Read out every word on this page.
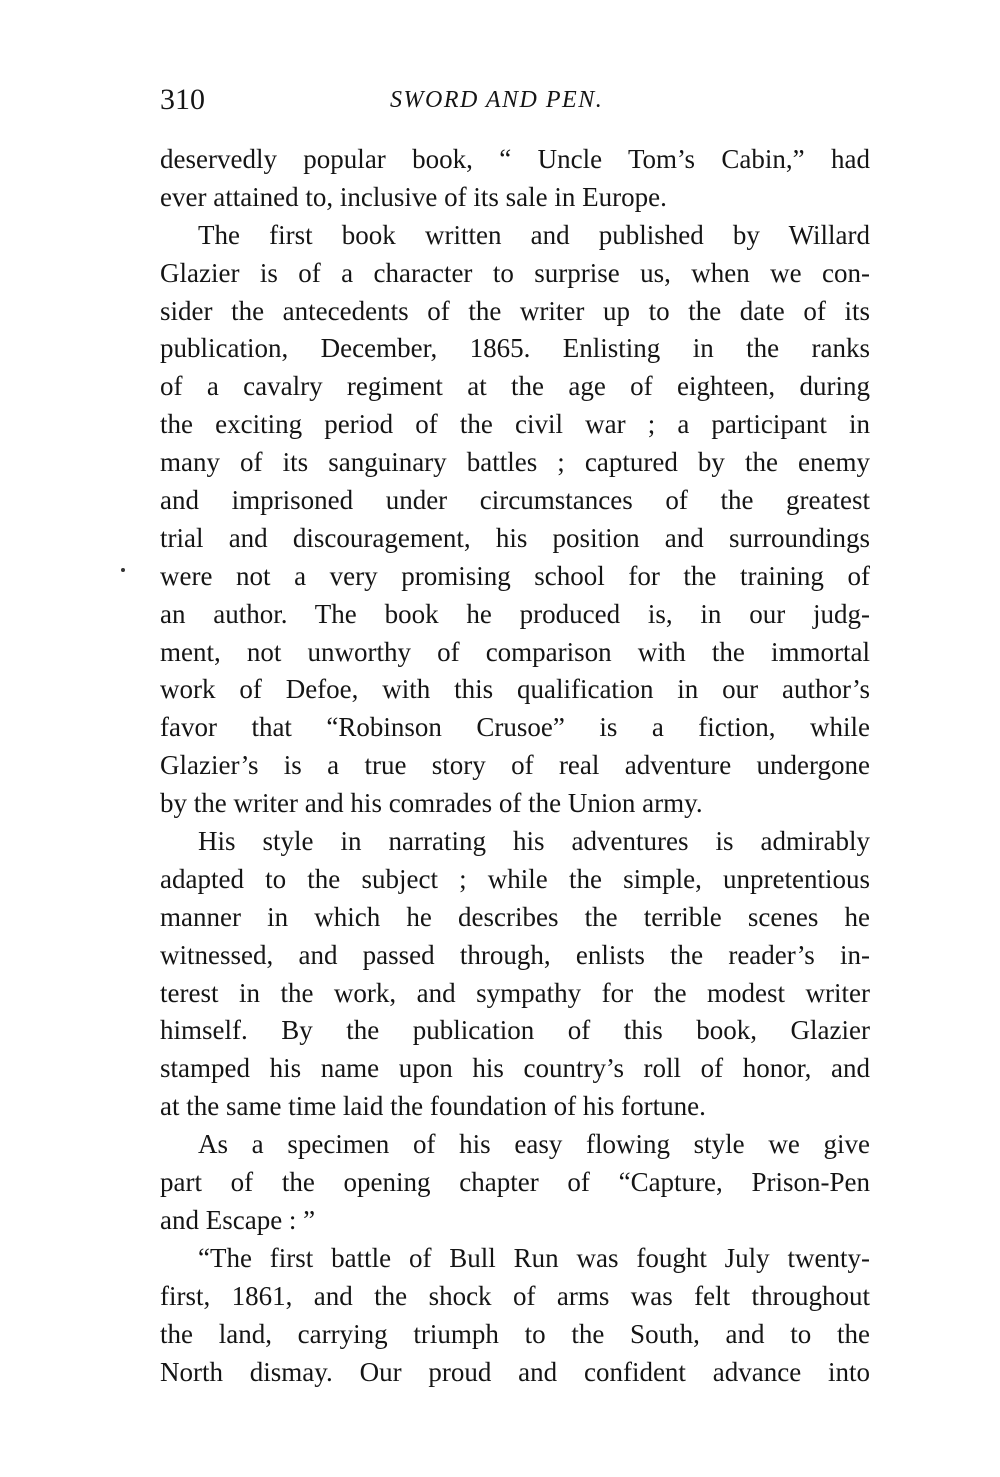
310	SWORD AND PEN.
deservedly popular book, “ Uncle Tom’s Cabin,” had
ever attained to, inclusive of its sale in Europe.
The first book written and published by Willard
Glazier is of a character to surprise us, when we con-
sider the antecedents of the writer up to the date of its
publication, December, 1865. Enlisting in the ranks
of a cavalry regiment at the age of eighteen, during
the exciting period of the civil war ; a participant in
many of its sanguinary battles ; captured by the enemy
and imprisoned under circumstances of the greatest
trial and discouragement, his position and surroundings
were not a very promising school for the training of
an author. The book he produced is, in our judg-
ment, not unworthy of comparison with the immortal
work of Defoe, with this qualification in our author’s
favor that “Robinson Crusoe” is a fiction, while
Glazier’s is a true story of real adventure undergone
by the writer and his comrades of the Union army.
His style in narrating his adventures is admirably
adapted to the subject ; while the simple, unpretentious
manner in which he describes the terrible scenes he
witnessed, and passed through, enlists the reader’s in-
terest in the work, and sympathy for the modest writer
himself. By the publication of this book, Glazier
stamped his name upon his country’s roll of honor, and
at the same time laid the foundation of his fortune.
As a specimen of his easy flowing style we give
part of the opening chapter of “Capture, Prison-Pen
and Escape : ”
“The first battle of Bull Run was fought July twenty-
first, 1861, and the shock of arms was felt throughout
the land, carrying triumph to the South, and to the
North dismay. Our proud and confident advance into
